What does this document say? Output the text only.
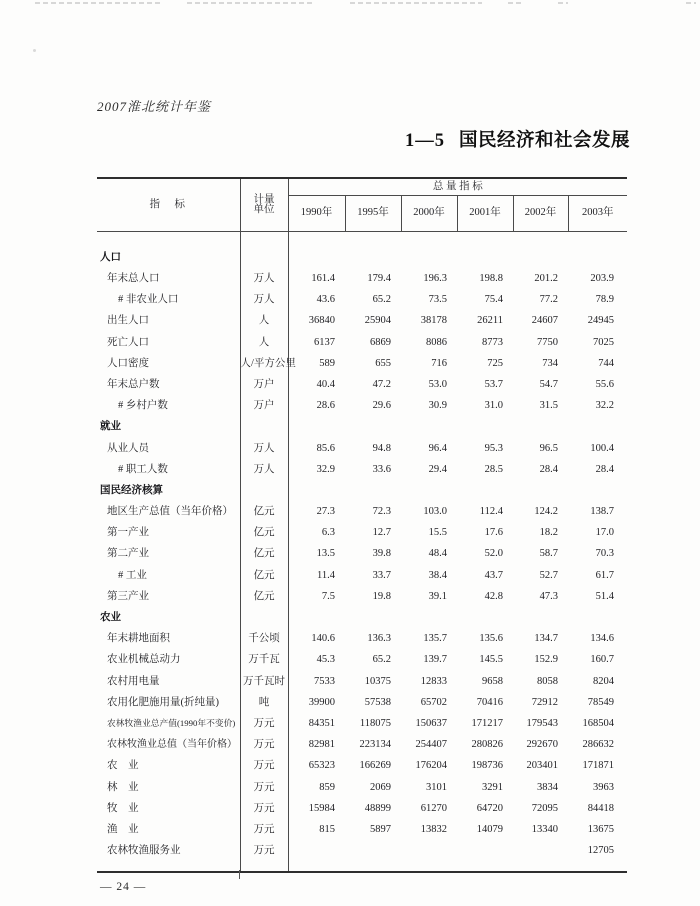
2007淮北统计年鉴
1—5 国民经济和社会发展
指　标	计量
单位	总 量 指 标					
		1990年	1995年	2000年	2001年	2002年	2003年

人口							
年末总人口	万人	161.4	179.4	196.3	198.8	201.2	203.9
# 非农业人口	万人	43.6	65.2	73.5	75.4	77.2	78.9
出生人口	人	36840	25904	38178	26211	24607	24945
死亡人口	人	6137	6869	8086	8773	7750	7025
人口密度	人/平方公里	589	655	716	725	734	744
年末总户数	万户	40.4	47.2	53.0	53.7	54.7	55.6
# 乡村户数	万户	28.6	29.6	30.9	31.0	31.5	32.2
就业							
从业人员	万人	85.6	94.8	96.4	95.3	96.5	100.4
# 职工人数	万人	32.9	33.6	29.4	28.5	28.4	28.4
国民经济核算							
地区生产总值（当年价格）	亿元	27.3	72.3	103.0	112.4	124.2	138.7
第一产业	亿元	6.3	12.7	15.5	17.6	18.2	17.0
第二产业	亿元	13.5	39.8	48.4	52.0	58.7	70.3
# 工业	亿元	11.4	33.7	38.4	43.7	52.7	61.7
第三产业	亿元	7.5	19.8	39.1	42.8	47.3	51.4
农业							
年末耕地面积	千公顷	140.6	136.3	135.7	135.6	134.7	134.6
农业机械总动力	万千瓦	45.3	65.2	139.7	145.5	152.9	160.7
农村用电量	万千瓦时	7533	10375	12833	9658	8058	8204
农用化肥施用量(折纯量)	吨	39900	57538	65702	70416	72912	78549
农林牧渔业总产值(1990年不变价)	万元	84351	118075	150637	171217	179543	168504
农林牧渔业总值（当年价格）	万元	82981	223134	254407	280826	292670	286632
农　业	万元	65323	166269	176204	198736	203401	171871
林　业	万元	859	2069	3101	3291	3834	3963
牧　业	万元	15984	48899	61270	64720	72095	84418
渔　业	万元	815	5897	13832	14079	13340	13675
农林牧渔服务业	万元						12705

— 24 —
